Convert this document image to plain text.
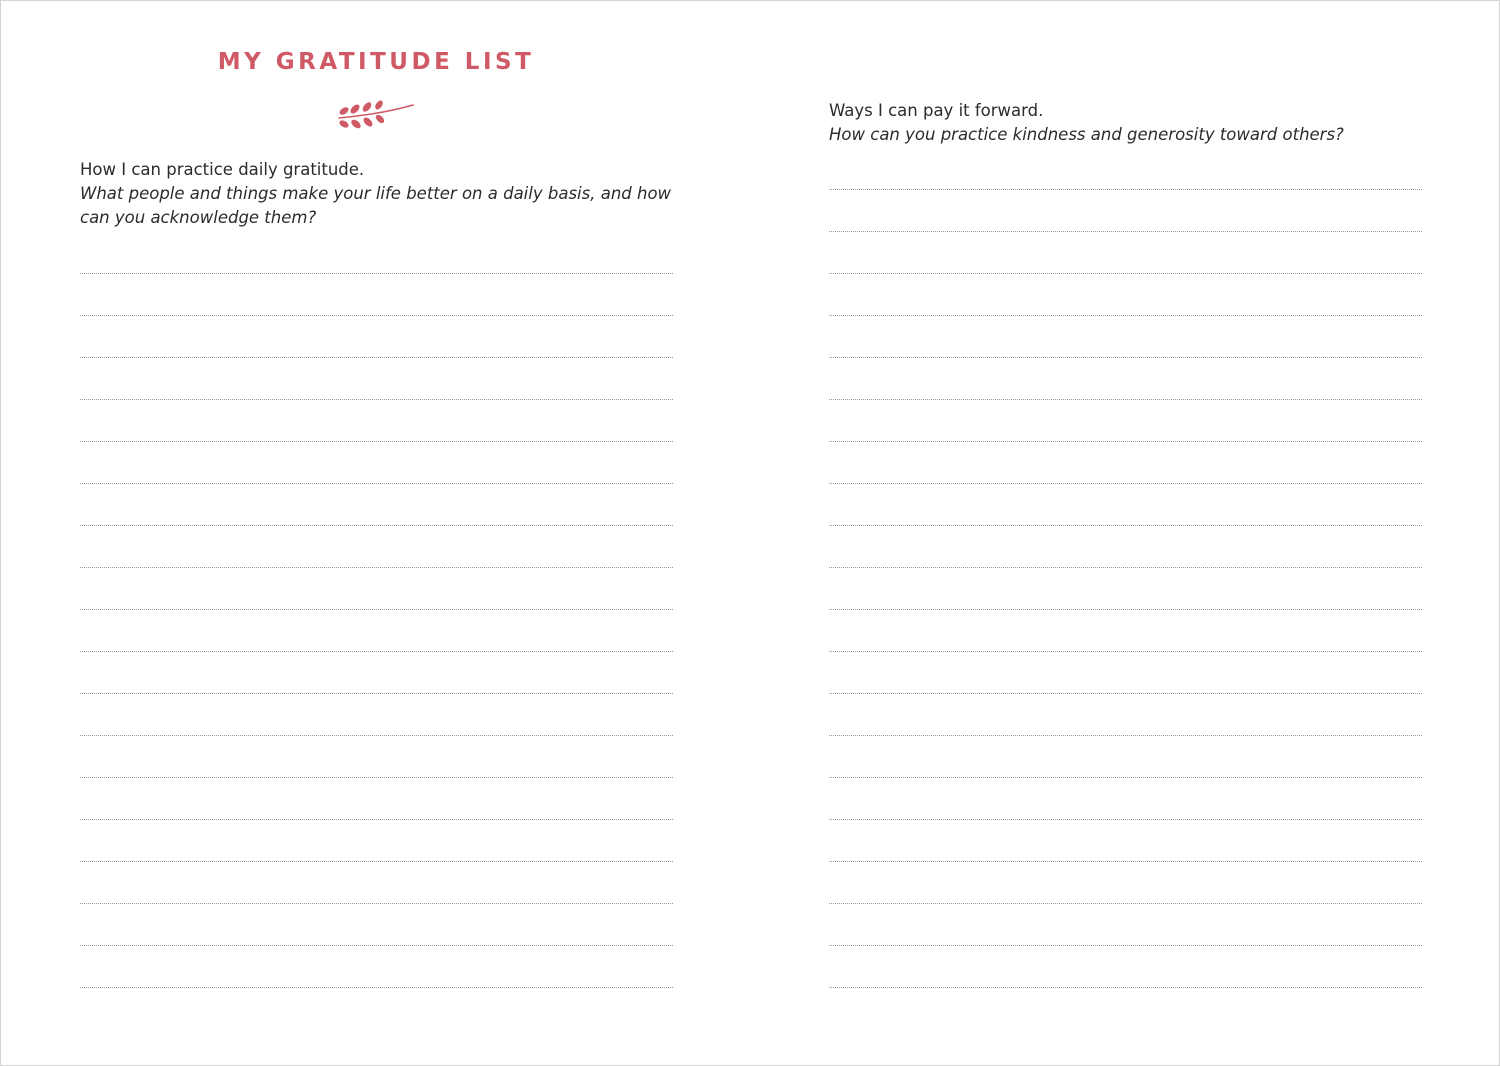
MY GRATITUDE LIST

How I can practice daily gratitude.
What people and things make your life better on a daily basis, and how can you acknowledge them?

Ways I can pay it forward.
How can you practice kindness and generosity toward others?
